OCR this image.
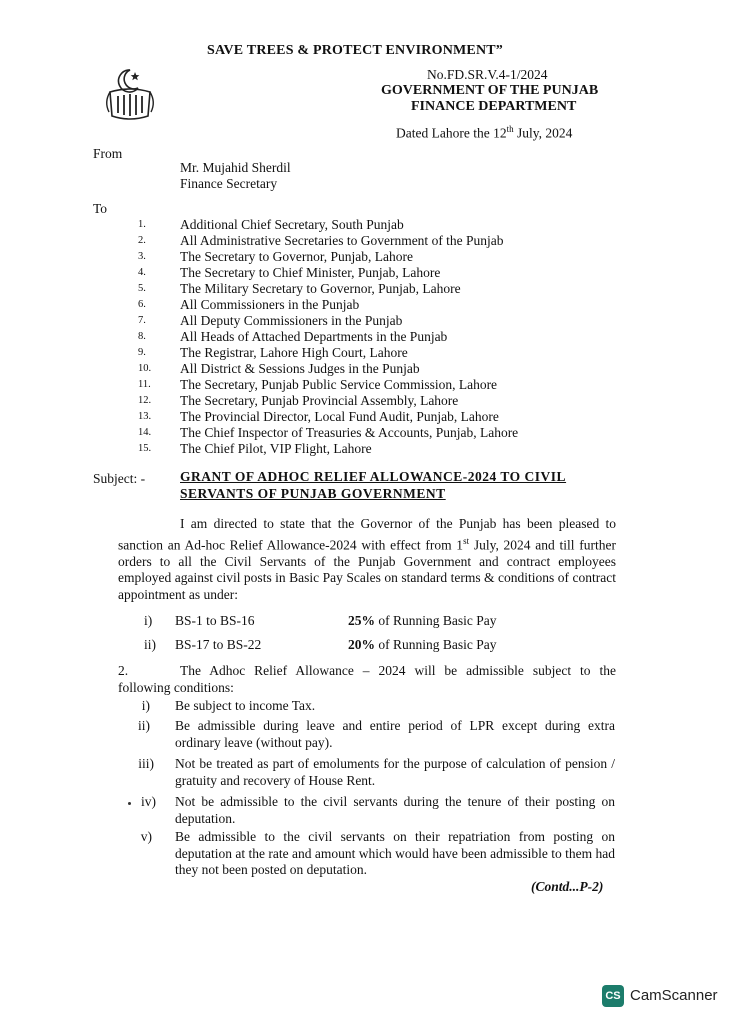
SAVE TREES & PROTECT ENVIRONMENT”
No.FD.SR.V.4-1/2024
GOVERNMENT OF THE PUNJAB
FINANCE DEPARTMENT
Dated Lahore the 12th July, 2024
From
Mr. Mujahid Sherdil
Finance Secretary
To
1.	Additional Chief Secretary, South Punjab
2.	All Administrative Secretaries to Government of the Punjab
3.	The Secretary to Governor, Punjab, Lahore
4.	The Secretary to Chief Minister, Punjab, Lahore
5.	The Military Secretary to Governor, Punjab, Lahore
6.	All Commissioners in the Punjab
7.	All Deputy Commissioners in the Punjab
8.	All Heads of Attached Departments in the Punjab
9.	The Registrar, Lahore High Court, Lahore
10. All District & Sessions Judges in the Punjab
11. The Secretary, Punjab Public Service Commission, Lahore
12. The Secretary, Punjab Provincial Assembly, Lahore
13. The Provincial Director, Local Fund Audit, Punjab, Lahore
14. The Chief Inspector of Treasuries & Accounts, Punjab, Lahore
15. The Chief Pilot, VIP Flight, Lahore
Subject: -	GRANT OF ADHOC RELIEF ALLOWANCE-2024 TO CIVIL
SERVANTS OF PUNJAB GOVERNMENT

I am directed to state that the Governor of the Punjab has been pleased to sanction an Ad-hoc Relief Allowance-2024 with effect from 1st July, 2024 and till further orders to all the Civil Servants of the Punjab Government and contract employees employed against civil posts in Basic Pay Scales on standard terms & conditions of contract appointment as under:

i) BS-1 to BS-16	25% of Running Basic Pay
ii) BS-17 to BS-22	20% of Running Basic Pay
2.	The Adhoc Relief Allowance – 2024 will be admissible subject to the
following conditions:
i) Be subject to income Tax.
ii) Be admissible during leave and entire period of LPR except during extra ordinary leave (without pay).
iii) Not be treated as part of emoluments for the purpose of calculation of pension / gratuity and recovery of House Rent.
iv) Not be admissible to the civil servants during the tenure of their posting on deputation.
v) Be admissible to the civil servants on their repatriation from posting on deputation at the rate and amount which would have been admissible to them had they not been posted on deputation.
(Contd...P-2)
CS CamScanner
